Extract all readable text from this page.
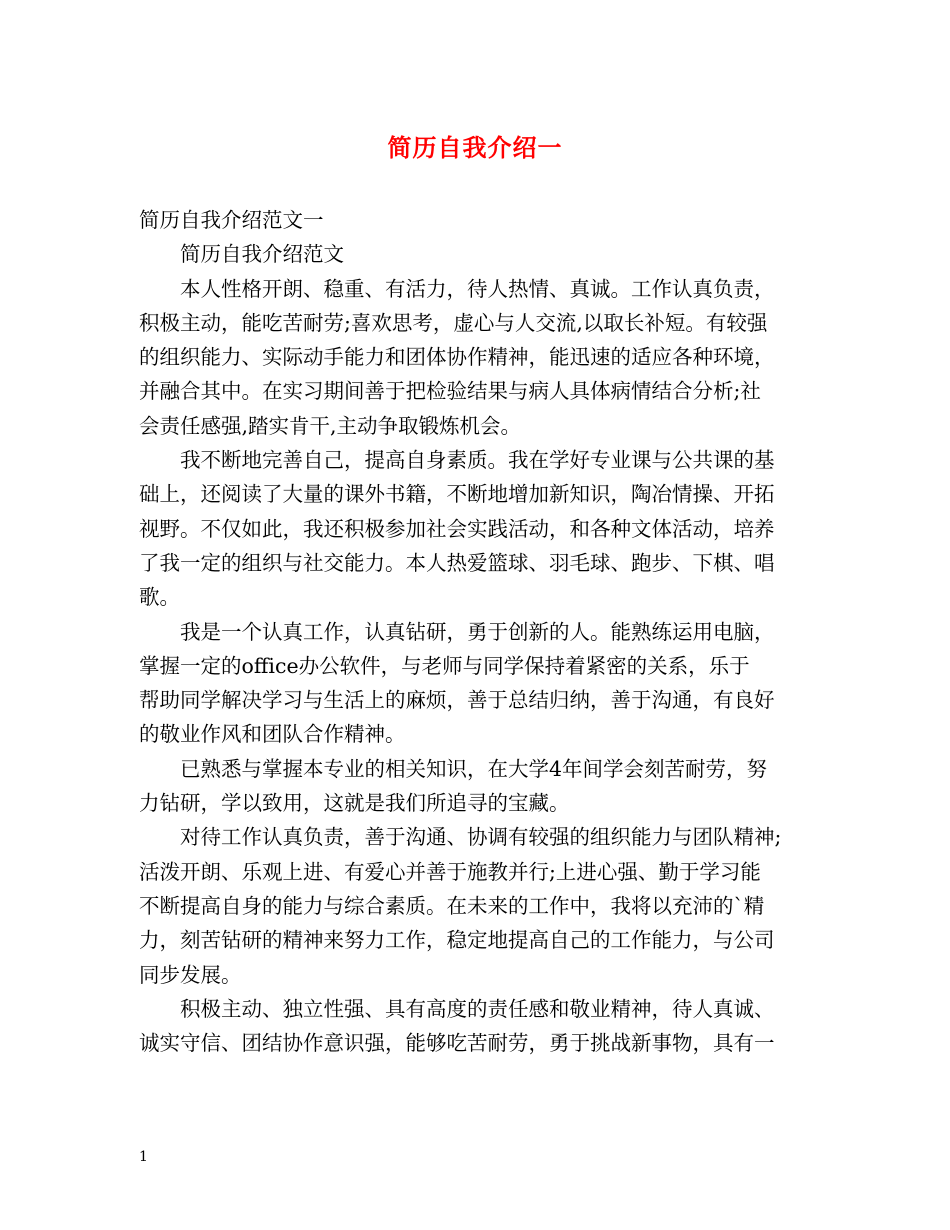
简历自我介绍一
简历自我介绍范文一
简历自我介绍范文
本人性格开朗、稳重、有活力，待人热情、真诚。工作认真负责，
积极主动，能吃苦耐劳;喜欢思考，虚心与人交流,以取长补短。有较强
的组织能力、实际动手能力和团体协作精神，能迅速的适应各种环境，
并融合其中。在实习期间善于把检验结果与病人具体病情结合分析;社
会责任感强,踏实肯干,主动争取锻炼机会。
我不断地完善自己，提高自身素质。我在学好专业课与公共课的基
础上，还阅读了大量的课外书籍，不断地增加新知识，陶冶情操、开拓
视野。不仅如此，我还积极参加社会实践活动，和各种文体活动，培养
了我一定的组织与社交能力。本人热爱篮球、羽毛球、跑步、下棋、唱
歌。
我是一个认真工作，认真钻研，勇于创新的人。能熟练运用电脑，
掌握一定的office办公软件，与老师与同学保持着紧密的关系，乐于
帮助同学解决学习与生活上的麻烦，善于总结归纳，善于沟通，有良好
的敬业作风和团队合作精神。
已熟悉与掌握本专业的相关知识，在大学4年间学会刻苦耐劳，努
力钻研，学以致用，这就是我们所追寻的宝藏。
对待工作认真负责，善于沟通、协调有较强的组织能力与团队精神;
活泼开朗、乐观上进、有爱心并善于施教并行;上进心强、勤于学习能
不断提高自身的能力与综合素质。在未来的工作中，我将以充沛的`精
力，刻苦钻研的精神来努力工作，稳定地提高自己的工作能力，与公司
同步发展。
积极主动、独立性强、具有高度的责任感和敬业精神，待人真诚、
诚实守信、团结协作意识强，能够吃苦耐劳，勇于挑战新事物，具有一
1
